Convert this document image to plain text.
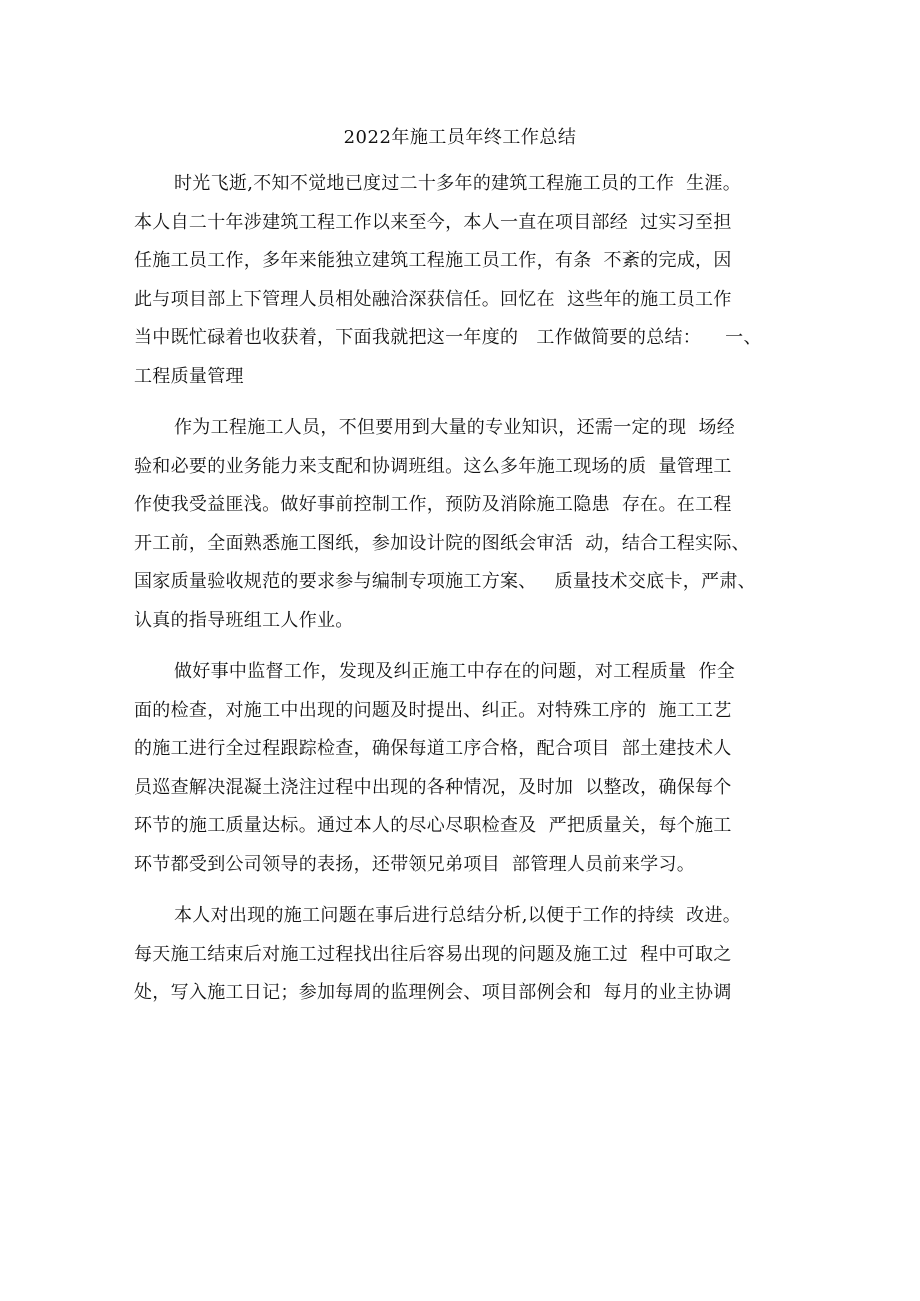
2022年施工员年终工作总结
时光飞逝,不知不觉地已度过二十多年的建筑工程施工员的工作  生涯。
本人自二十年涉建筑工程工作以来至今，本人一直在项目部经  过实习至担
任施工员工作，多年来能独立建筑工程施工员工作，有条  不紊的完成，因
此与项目部上下管理人员相处融洽深获信任。回忆在  这些年的施工员工作
当中既忙碌着也收获着，下面我就把这一年度的   工作做简要的总结：    一、
工程质量管理
作为工程施工人员，不但要用到大量的专业知识，还需一定的现  场经
验和必要的业务能力来支配和协调班组。这么多年施工现场的质  量管理工
作使我受益匪浅。做好事前控制工作，预防及消除施工隐患  存在。在工程
开工前，全面熟悉施工图纸，参加设计院的图纸会审活  动，结合工程实际、
国家质量验收规范的要求参与编制专项施工方案、   质量技术交底卡，严肃、
认真的指导班组工人作业。
做好事中监督工作，发现及纠正施工中存在的问题，对工程质量  作全
面的检查，对施工中出现的问题及时提出、纠正。对特殊工序的  施工工艺
的施工进行全过程跟踪检查，确保每道工序合格，配合项目  部土建技术人
员巡查解决混凝土浇注过程中出现的各种情况，及时加  以整改，确保每个
环节的施工质量达标。通过本人的尽心尽职检查及  严把质量关，每个施工
环节都受到公司领导的表扬，还带领兄弟项目  部管理人员前来学习。
本人对出现的施工问题在事后进行总结分析,以便于工作的持续  改进。
每天施工结束后对施工过程找出往后容易出现的问题及施工过  程中可取之
处，写入施工日记；参加每周的监理例会、项目部例会和  每月的业主协调
